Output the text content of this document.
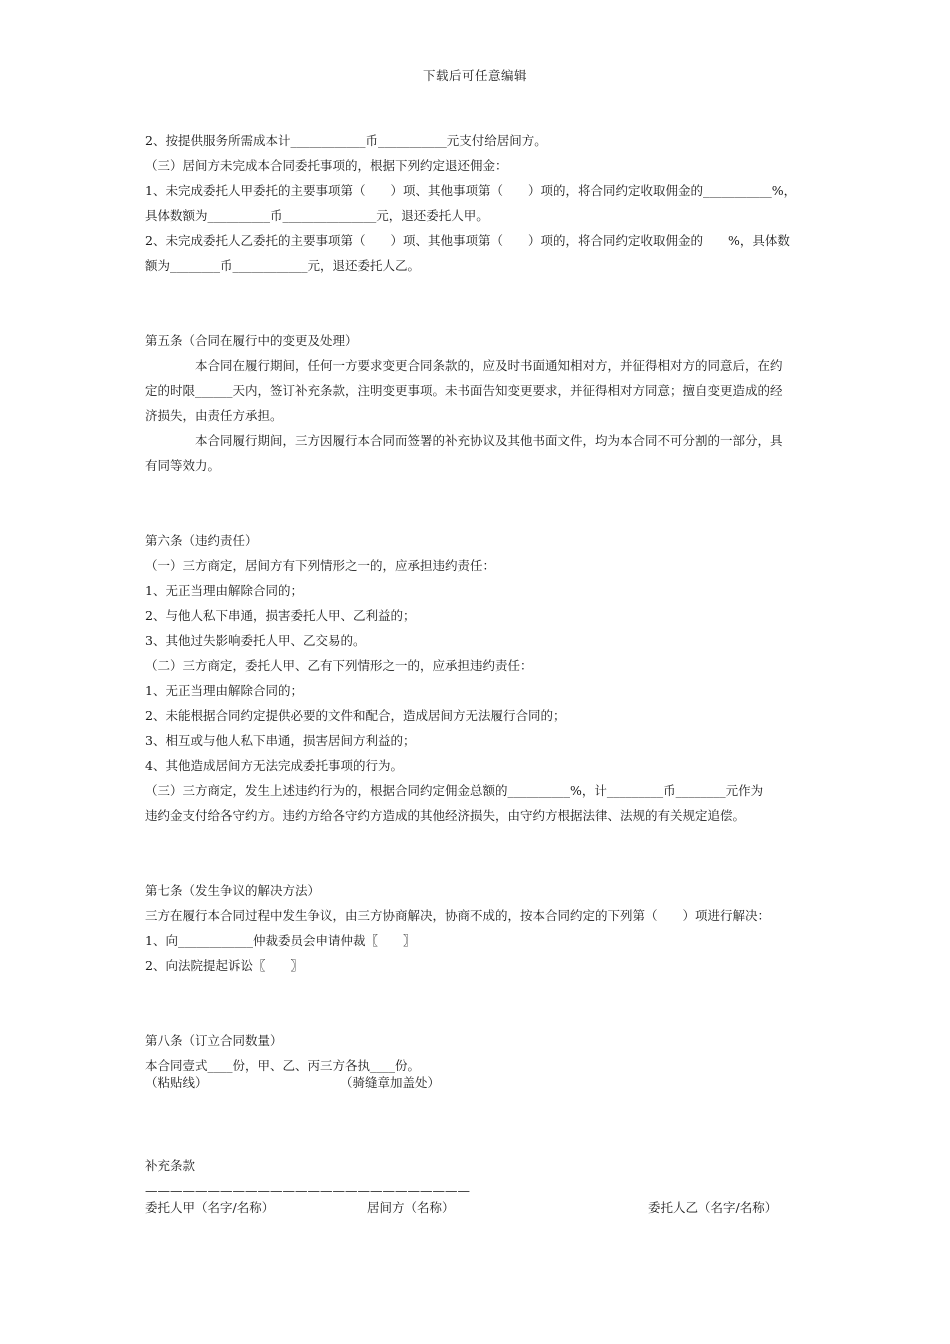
下载后可任意编辑
2、按提供服务所需成本计____________币___________元支付给居间方。
（三）居间方未完成本合同委托事项的，根据下列约定退还佣金：
1、未完成委托人甲委托的主要事项第（　　）项、其他事项第（　　）项的，将合同约定收取佣金的___________%，
具体数额为__________币_______________元，退还委托人甲。
2、未完成委托人乙委托的主要事项第（　　）项、其他事项第（　　）项的，将合同约定收取佣金的　　%，具体数
额为________币____________元，退还委托人乙。
第五条（合同在履行中的变更及处理）
本合同在履行期间，任何一方要求变更合同条款的，应及时书面通知相对方，并征得相对方的同意后，在约
定的时限______天内，签订补充条款，注明变更事项。未书面告知变更要求，并征得相对方同意；擅自变更造成的经
济损失，由责任方承担。
本合同履行期间，三方因履行本合同而签署的补充协议及其他书面文件，均为本合同不可分割的一部分，具
有同等效力。
第六条（违约责任）
（一）三方商定，居间方有下列情形之一的，应承担违约责任：
1、无正当理由解除合同的；
2、与他人私下串通，损害委托人甲、乙利益的；
3、其他过失影响委托人甲、乙交易的。
（二）三方商定，委托人甲、乙有下列情形之一的，应承担违约责任：
1、无正当理由解除合同的；
2、未能根据合同约定提供必要的文件和配合，造成居间方无法履行合同的；
3、相互或与他人私下串通，损害居间方利益的；
4、其他造成居间方无法完成委托事项的行为。
（三）三方商定，发生上述违约行为的，根据合同约定佣金总额的__________%，计_________币________元作为
违约金支付给各守约方。违约方给各守约方造成的其他经济损失，由守约方根据法律、法规的有关规定追偿。
第七条（发生争议的解决方法）
三方在履行本合同过程中发生争议，由三方协商解决，协商不成的，按本合同约定的下列第（　　）项进行解决：
1、向____________仲裁委员会申请仲裁〖　　〗
2、向法院提起诉讼〖　　〗
第八条（订立合同数量）
本合同壹式____份，甲、乙、丙三方各执____份。
补充条款
——————————————————————————
（粘贴线）	（骑缝章加盖处）
委托人甲（名字/名称）	居间方（名称）	委托人乙（名字/名称）
